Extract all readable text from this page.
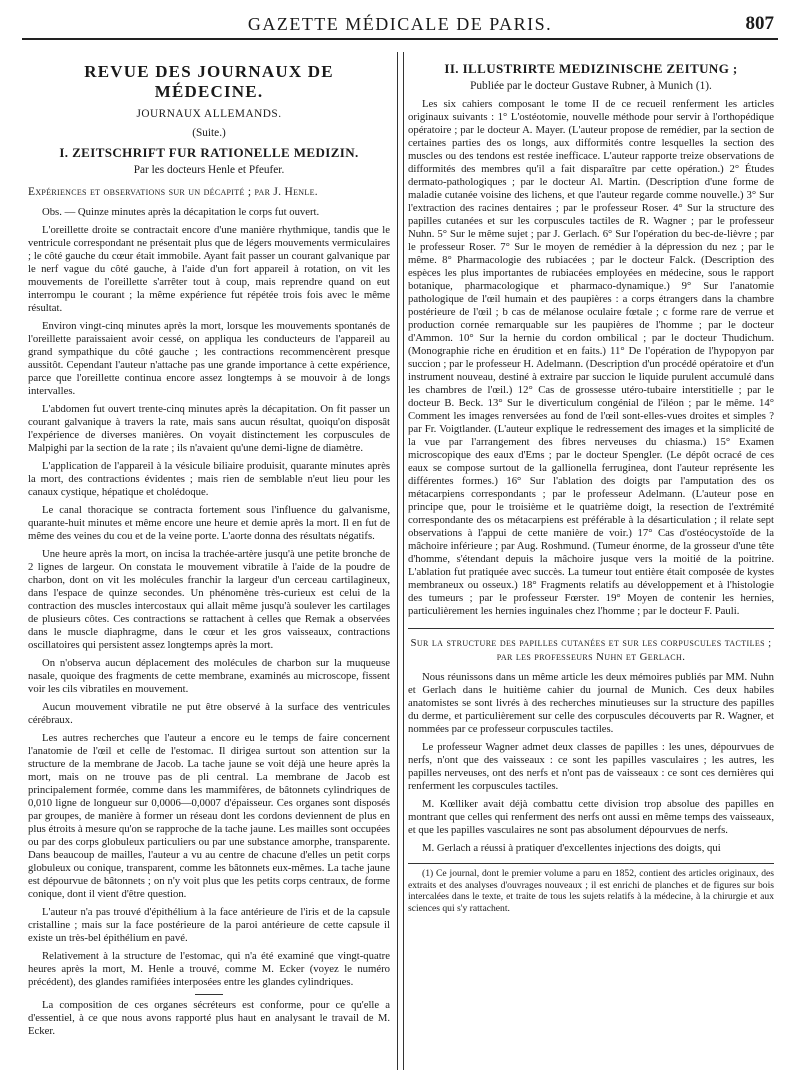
GAZETTE MÉDICALE DE PARIS.	807
REVUE DES JOURNAUX DE MÉDECINE.

JOURNAUX ALLEMANDS.

(Suite.)

I. ZEITSCHRIFT FUR RATIONELLE MEDIZIN.

Par les docteurs Henle et Pfeufer.

Expériences et observations sur un décapité ; par J. Henle.

Obs. — Quinze minutes après la décapitation le corps fut ouvert.

L'oreillette droite se contractait encore d'une manière rhythmique, tandis que le ventricule correspondant ne présentait plus que de légers mouvements vermiculaires ; le côté gauche du cœur était immobile. Ayant fait passer un courant galvanique par le nerf vague du côté gauche, à l'aide d'un fort appareil à rotation, on vit les mouvements de l'oreillette s'arrêter tout à coup, mais reprendre quand on eut interrompu le courant ; la même expérience fut répétée trois fois avec le même résultat.

Environ vingt-cinq minutes après la mort, lorsque les mouvements spontanés de l'oreillette paraissaient avoir cessé, on appliqua les conducteurs de l'appareil au grand sympathique du côté gauche ; les contractions recommencèrent presque aussitôt. Cependant l'auteur n'attache pas une grande importance à cette expérience, parce que l'oreillette continua encore assez longtemps à se mouvoir à de longs intervalles.

L'abdomen fut ouvert trente-cinq minutes après la décapitation. On fit passer un courant galvanique à travers la rate, mais sans aucun résultat, quoiqu'on disposât l'expérience de diverses manières. On voyait distinctement les corpuscules de Malpighi par la section de la rate ; ils n'avaient qu'une demi-ligne de diamètre.

L'application de l'appareil à la vésicule biliaire produisit, quarante minutes après la mort, des contractions évidentes ; mais rien de semblable n'eut lieu pour les canaux cystique, hépatique et cholédoque.

Le canal thoracique se contracta fortement sous l'influence du galvanisme, quarante-huit minutes et même encore une heure et demie après la mort. Il en fut de même des veines du cou et de la veine porte. L'aorte donna des résultats négatifs.

Une heure après la mort, on incisa la trachée-artère jusqu'à une petite bronche de 2 lignes de largeur. On constata le mouvement vibratile à l'aide de la poudre de charbon, dont on vit les molécules franchir la largeur d'un cerceau cartilagineux, dans l'espace de quinze secondes. Un phénomène très-curieux est celui de la contraction des muscles intercostaux qui allait même jusqu'à soulever les cartilages de plusieurs côtes. Ces contractions se rattachent à celles que Remak a observées dans le muscle diaphragme, dans le cœur et les gros vaisseaux, contractions oscillatoires qui persistent assez longtemps après la mort.

On n'observa aucun déplacement des molécules de charbon sur la muqueuse nasale, quoique des fragments de cette membrane, examinés au microscope, fissent voir les cils vibratiles en mouvement.

Aucun mouvement vibratile ne put être observé à la surface des ventricules cérébraux.

Les autres recherches que l'auteur a encore eu le temps de faire concernent l'anatomie de l'œil et celle de l'estomac. Il dirigea surtout son attention sur la structure de la membrane de Jacob. La tache jaune se voit déjà une heure après la mort, mais on ne trouve pas de pli central. La membrane de Jacob est principalement formée, comme dans les mammifères, de bâtonnets cylindriques de 0,010 ligne de longueur sur 0,0006—0,0007 d'épaisseur. Ces organes sont disposés par groupes, de manière à former un réseau dont les cordons deviennent de plus en plus étroits à mesure qu'on se rapproche de la tache jaune. Les mailles sont occupées ou par des corps globuleux particuliers ou par une substance amorphe, transparente. Dans beaucoup de mailles, l'auteur a vu au centre de chacune d'elles un petit corps globuleux ou conique, transparent, comme les bâtonnets eux-mêmes. La tache jaune est dépourvue de bâtonnets ; on n'y voit plus que les petits corps centraux, de forme conique, dont il vient d'être question.

L'auteur n'a pas trouvé d'épithélium à la face antérieure de l'iris et de la capsule cristalline ; mais sur la face postérieure de la paroi antérieure de cette capsule il existe un très-bel épithélium en pavé.

Relativement à la structure de l'estomac, qui n'a été examiné que vingt-quatre heures après la mort, M. Henle a trouvé, comme M. Ecker (voyez le numéro précédent), des glandes ramifiées interposées entre les glandes cylindriques.

La composition de ces organes sécréteurs est conforme, pour ce qu'elle a d'essentiel, à ce que nous avons rapporté plus haut en analysant le travail de M. Ecker.

II. ILLUSTRIRTE MEDIZINISCHE ZEITUNG ;

Publiée par le docteur Gustave Rubner, à Munich (1).

Les six cahiers composant le tome II de ce recueil renferment les articles originaux suivants : 1° L'ostéotomie, nouvelle méthode pour servir à l'orthopédique opératoire ; par le docteur A. Mayer. (L'auteur propose de remédier, par la section de certaines parties des os longs, aux difformités contre lesquelles la section des muscles ou des tendons est restée inefficace. L'auteur rapporte treize observations de difformités des membres qu'il a fait disparaître par cette opération.) 2° Études dermato-pathologiques ; par le docteur Al. Martin. (Description d'une forme de maladie cutanée voisine des lichens, et que l'auteur regarde comme nouvelle.) 3° Sur l'extraction des racines dentaires ; par le professeur Roser. 4° Sur la structure des papilles cutanées et sur les corpuscules tactiles de R. Wagner ; par le professeur Nuhn. 5° Sur le même sujet ; par J. Gerlach. 6° Sur l'opération du bec-de-lièvre ; par le professeur Roser. 7° Sur le moyen de remédier à la dépression du nez ; par le même. 8° Pharmacologie des rubiacées ; par le docteur Falck. (Description des espèces les plus importantes de rubiacées employées en médecine, sous le rapport botanique, pharmacologique et pharmaco-dynamique.) 9° Sur l'anatomie pathologique de l'œil humain et des paupières : a corps étrangers dans la chambre postérieure de l'œil ; b cas de mélanose oculaire fœtale ; c forme rare de verrue et production cornée remarquable sur les paupières de l'homme ; par le docteur d'Ammon. 10° Sur la hernie du cordon ombilical ; par le docteur Thudichum. (Monographie riche en érudition et en faits.) 11° De l'opération de l'hypopyon par succion ; par le professeur H. Adelmann. (Description d'un procédé opératoire et d'un instrument nouveau, destiné à extraire par succion le liquide purulent accumulé dans les chambres de l'œil.) 12° Cas de grossesse utéro-tubaire interstitielle ; par le docteur B. Beck. 13° Sur le diverticulum congénial de l'iléon ; par le même. 14° Comment les images renversées au fond de l'œil sont-elles-vues droites et simples ? par Fr. Voigtlander. (L'auteur explique le redressement des images et la simplicité de la vue par l'arrangement des fibres nerveuses du chiasma.) 15° Examen microscopique des eaux d'Ems ; par le docteur Spengler. (Le dépôt ocracé de ces eaux se compose surtout de la gallionella ferruginea, dont l'auteur représente les différentes formes.) 16° Sur l'ablation des doigts par l'amputation des os métacarpiens correspondants ; par le professeur Adelmann. (L'auteur pose en principe que, pour le troisième et le quatrième doigt, la resection de l'extrémité correspondante des os métacarpiens est préférable à la désarticulation ; il relate sept observations à l'appui de cette manière de voir.) 17° Cas d'ostéocystoïde de la mâchoire inférieure ; par Aug. Roshmund. (Tumeur énorme, de la grosseur d'une tête d'homme, s'étendant depuis la mâchoire jusque vers la moitié de la poitrine. L'ablation fut pratiquée avec succès. La tumeur tout entière était composée de kystes membraneux ou osseux.) 18° Fragments relatifs au développement et à l'histologie des tumeurs ; par le professeur Fœrster. 19° Moyen de contenir les hernies, particulièrement les hernies inguinales chez l'homme ; par le docteur F. Pauli.

Sur la structure des papilles cutanées et sur les corpuscules tactiles ; par les professeurs Nuhn et Gerlach.

Nous réunissons dans un même article les deux mémoires publiés par MM. Nuhn et Gerlach dans le huitième cahier du journal de Munich. Ces deux habiles anatomistes se sont livrés à des recherches minutieuses sur la structure des papilles du derme, et particulièrement sur celle des corpuscules découverts par R. Wagner, et nommées par ce professeur corpuscules tactiles.

Le professeur Wagner admet deux classes de papilles : les unes, dépourvues de nerfs, n'ont que des vaisseaux : ce sont les papilles vasculaires ; les autres, les papilles nerveuses, ont des nerfs et n'ont pas de vaisseaux : ce sont ces dernières qui renferment les corpuscules tactiles.

M. Kœlliker avait déjà combattu cette division trop absolue des papilles en montrant que celles qui renferment des nerfs ont aussi en même temps des vaisseaux, et que les papilles vasculaires ne sont pas absolument dépourvues de nerfs.

M. Gerlach a réussi à pratiquer d'excellentes injections des doigts, qui

(1) Ce journal, dont le premier volume a paru en 1852, contient des articles originaux, des extraits et des analyses d'ouvrages nouveaux ; il est enrichi de planches et de figures sur bois intercalées dans le texte, et traite de tous les sujets relatifs à la médecine, à la chirurgie et aux sciences qui s'y rattachent.
